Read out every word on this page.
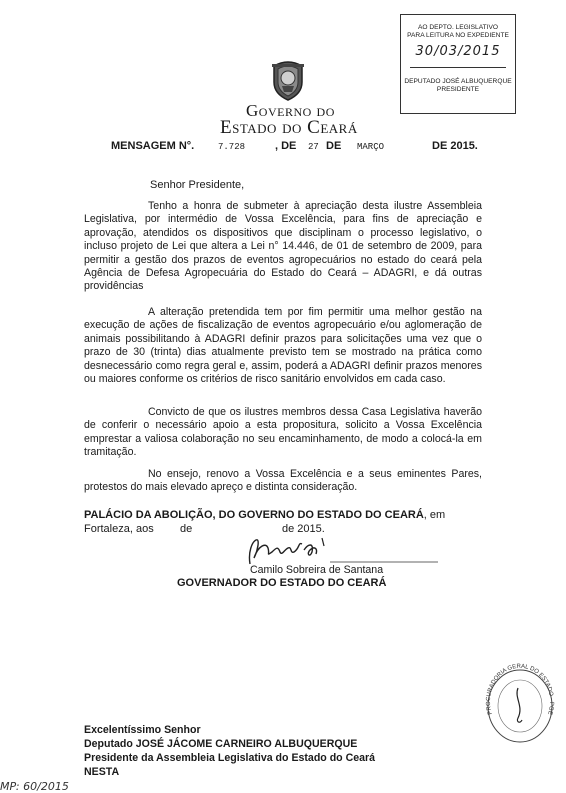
AO DEPTO. LEGISLATIVO
PARA LEITURA NO EXPEDIENTE
30/03/2015
DEPUTADO JOSÉ ALBUQUERQUE
PRESIDENTE
Governo do
Estado do Ceará
MENSAGEM N°.	7.728	, DE 27 DE MARÇO	DE 2015.
Senhor Presidente,
Tenho a honra de submeter à apreciação desta ilustre Assembleia Legislativa, por intermédio de Vossa Excelência, para fins de apreciação e aprovação, atendidos os dispositivos que disciplinam o processo legislativo, o incluso projeto de Lei que altera a Lei n° 14.446, de 01 de setembro de 2009, para permitir a gestão dos prazos de eventos agropecuários no estado do ceará pela Agência de Defesa Agropecuária do Estado do Ceará – ADAGRI, e dá outras providências
A alteração pretendida tem por fim permitir uma melhor gestão na execução de ações de fiscalização de eventos agropecuário e/ou aglomeração de animais possibilitando à ADAGRI definir prazos para solicitações uma vez que o prazo de 30 (trinta) dias atualmente previsto tem se mostrado na prática como desnecessário como regra geral e, assim, poderá a ADAGRI definir prazos menores ou maiores conforme os critérios de risco sanitário envolvidos em cada caso.
Convicto de que os ilustres membros dessa Casa Legislativa haverão de conferir o necessário apoio a esta propositura, solicito a Vossa Excelência emprestar a valiosa colaboração no seu encaminhamento, de modo a colocá-la em tramitação.
No ensejo, renovo a Vossa Excelência e a seus eminentes Pares, protestos do mais elevado apreço e distinta consideração.
PALÁCIO DA ABOLIÇÃO, DO GOVERNO DO ESTADO DO CEARÁ, em
Fortaleza, aos de	de 2015.
Camilo Sobreira de Santana
GOVERNADOR DO ESTADO DO CEARÁ
PROCURADORIA GERAL DO ESTADO · PGE
Excelentíssimo Senhor
Deputado JOSÉ JÁCOME CARNEIRO ALBUQUERQUE
Presidente da Assembleia Legislativa do Estado do Ceará
NESTA
MP: 60/2015
